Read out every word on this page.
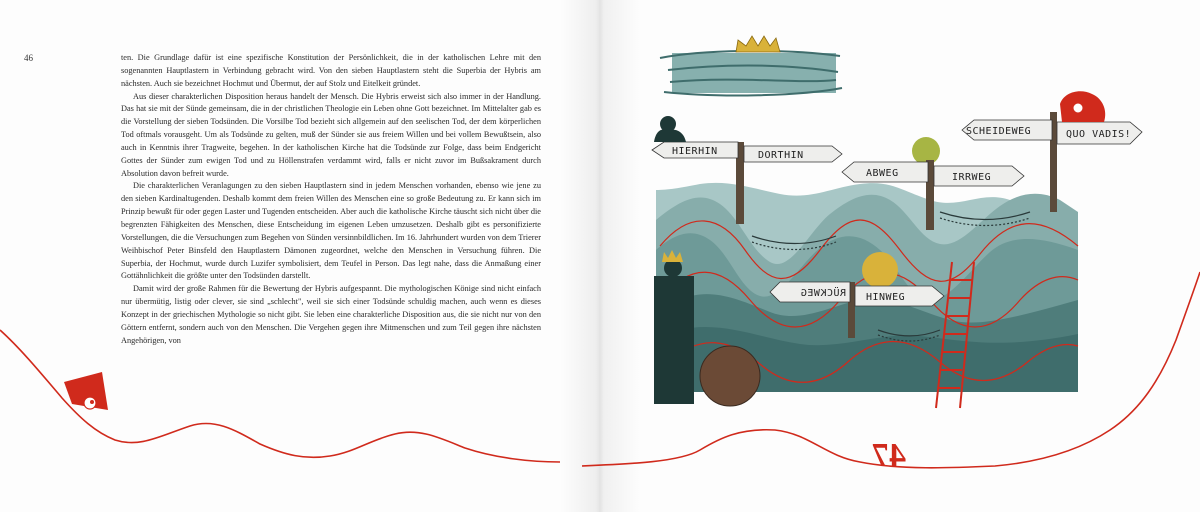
46	ten. Die Grundlage dafür ist eine spezifische Konstitution der Persönlichkeit, die in der katholischen Lehre mit den sogenannten Hauptlastern in Verbindung gebracht wird. Von den sieben Hauptlastern steht die Superbia der Hybris am nächsten. Auch sie bezeichnet Hochmut und Übermut, der auf Stolz und Eitelkeit gründet.

Aus dieser charakterlichen Disposition heraus handelt der Mensch. Die Hybris erweist sich also immer in der Handlung. Das hat sie mit der Sünde gemeinsam, die in der christlichen Theologie ein Leben ohne Gott bezeichnet. Im Mittelalter gab es die Vorstellung der sieben Todsünden. Die Vorsilbe Tod bezieht sich allgemein auf den seelischen Tod, der dem körperlichen Tod oftmals vorausgeht. Um als Todsünde zu gelten, muß der Sünder sie aus freiem Willen und bei vollem Bewußtsein, also auch in Kenntnis ihrer Tragweite, begehen. In der katholischen Kirche hat die Todsünde zur Folge, dass beim Endgericht Gottes der Sünder zum ewigen Tod und zu Höllenstrafen verdammt wird, falls er nicht zuvor im Bußsakrament durch Absolution davon befreit wurde.

Die charakterlichen Veranlagungen zu den sieben Hauptlastern sind in jedem Menschen vorhanden, ebenso wie jene zu den sieben Kardinaltugenden. Deshalb kommt dem freien Willen des Menschen eine so große Bedeutung zu. Er kann sich im Prinzip bewußt für oder gegen Laster und Tugenden entscheiden. Aber auch die katholische Kirche täuscht sich nicht über die begrenzten Fähigkeiten des Menschen, diese Entscheidung im eigenen Leben umzusetzen. Deshalb gibt es personifizierte Vorstellungen, die die Versuchungen zum Begehen von Sünden versinnbildlichen. Im 16. Jahrhundert wurden von dem Trierer Weihbischof Peter Binsfeld den Hauptlastern Dämonen zugeordnet, welche den Menschen in Versuchung führen. Die Superbia, der Hochmut, wurde durch Luzifer symbolisiert, dem Teufel in Person. Das legt nahe, dass die Anmaßung einer Gottähnlichkeit die größte unter den Todsünden darstellt.

Damit wird der große Rahmen für die Bewertung der Hybris aufgespannt. Die mythologischen Könige sind nicht einfach nur übermütig, listig oder clever, sie sind „schlecht", weil sie sich einer Todsünde schuldig machen, auch wenn es dieses Konzept in der griechischen Mythologie so nicht gibt. Sie leben eine charakterliche Disposition aus, die sie nicht nur von den Göttern entfernt, sondern auch von den Menschen. Die Vergehen gegen ihre Mitmenschen und zum Teil gegen ihre nächsten Angehörigen, von

47
HIERHIN	DORTHIN
ABWEG	IRRWEG
SCHEIDEWEG	QUO VADIS!
RÜCKWEG HINWEG
